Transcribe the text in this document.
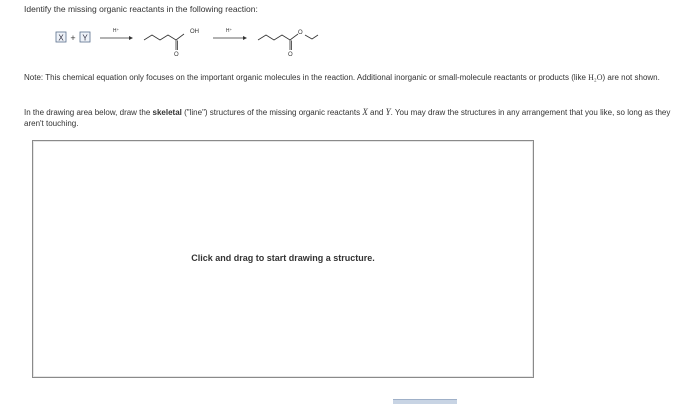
Identify the missing organic reactants in the following reaction:
X + Y
H⁺	OH
O
H⁺	O
O
Note: This chemical equation only focuses on the important organic molecules in the reaction. Additional inorganic or small-molecule reactants or products (like H₂O) are not shown.
In the drawing area below, draw the skeletal ("line") structures of the missing organic reactants X and Y. You may draw the structures in any arrangement that you like, so long as they aren't touching.
Click and drag to start drawing a structure.
